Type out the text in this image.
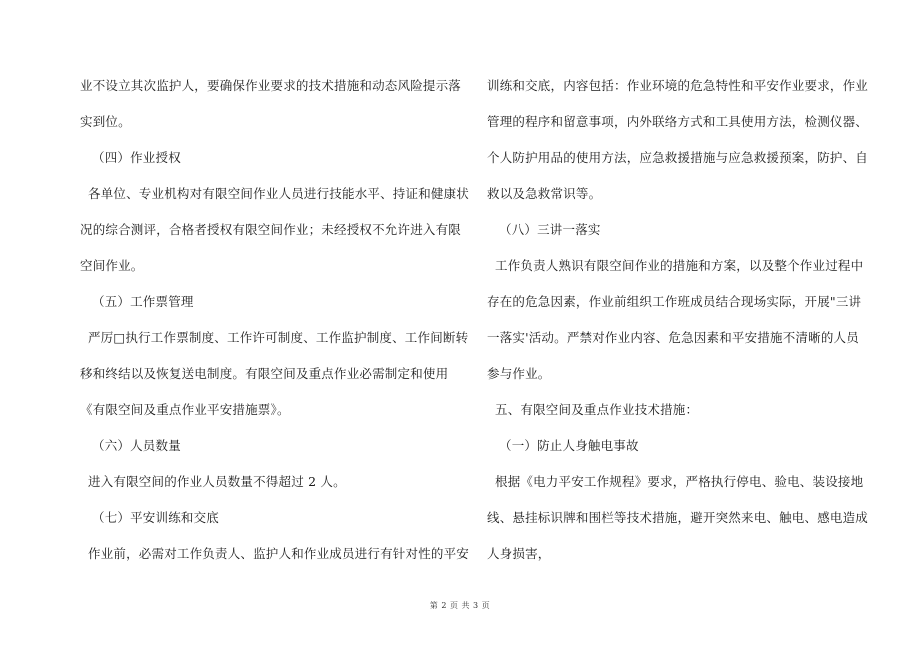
业不设立其次监护人，要确保作业要求的技术措施和动态风险提示落
实到位。
（四）作业授权
各单位、专业机构对有限空间作业人员进行技能水平、持证和健康状
况的综合测评，合格者授权有限空间作业；未经授权不允许进入有限
空间作业。
（五）工作票管理
严厉□执行工作票制度、工作许可制度、工作监护制度、工作间断转
移和终结以及恢复送电制度。有限空间及重点作业必需制定和使用
《有限空间及重点作业平安措施票》。
（六）人员数量
进入有限空间的作业人员数量不得超过 2 人。
（七）平安训练和交底
作业前，必需对工作负责人、监护人和作业成员进行有针对性的平安
训练和交底，内容包括：作业环境的危急特性和平安作业要求，作业
管理的程序和留意事项，内外联络方式和工具使用方法，检测仪器、
个人防护用品的使用方法，应急救援措施与应急救援预案，防护、自
救以及急救常识等。
（八）三讲一落实
工作负责人熟识有限空间作业的措施和方案，以及整个作业过程中
存在的危急因素，作业前组织工作班成员结合现场实际，开展"三讲
一落实'活动。严禁对作业内容、危急因素和平安措施不清晰的人员
参与作业。
五、有限空间及重点作业技术措施：
（一）防止人身触电事故
根据《电力平安工作规程》要求，严格执行停电、验电、装设接地
线、悬挂标识牌和围栏等技术措施，避开突然来电、触电、感电造成
人身损害，
第 2 页 共 3 页
